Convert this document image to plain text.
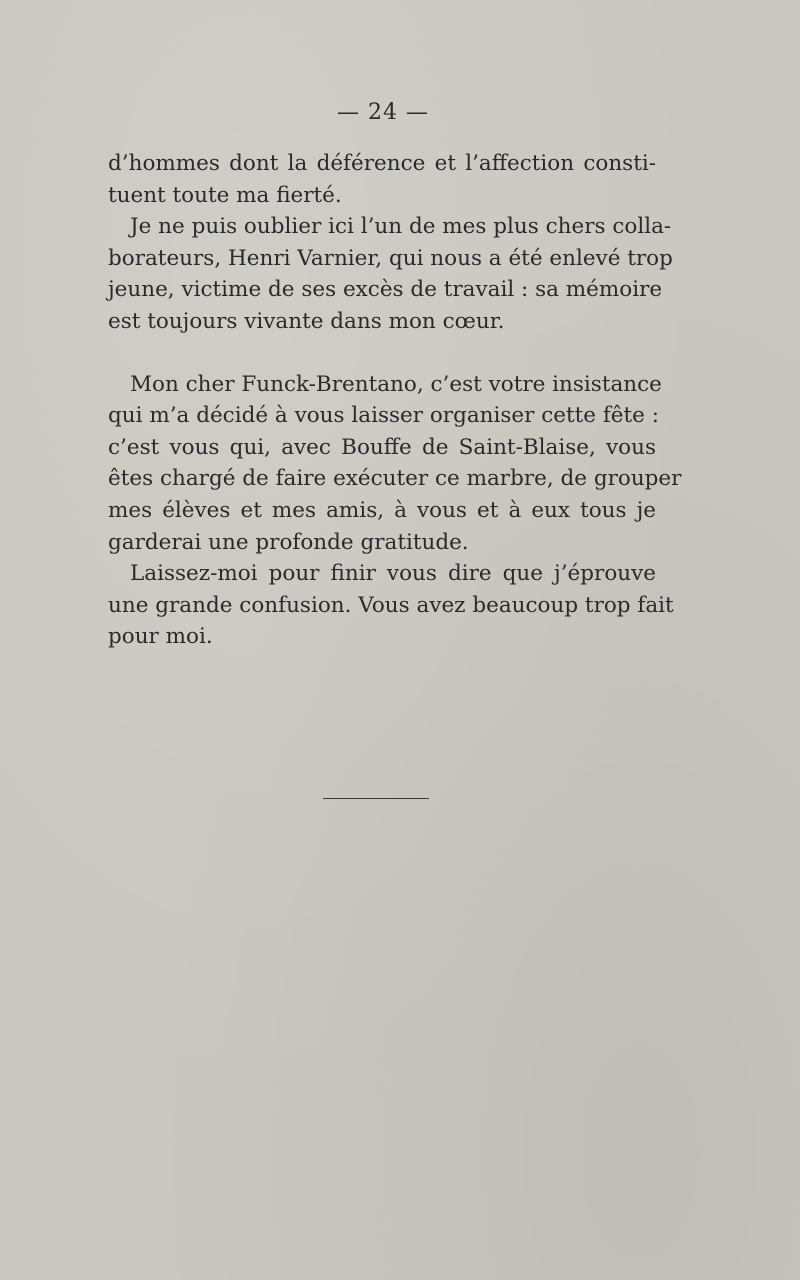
— 24 —

d’hommes dont la déférence et l’affection consti-
tuent toute ma fierté.

Je ne puis oublier ici l’un de mes plus chers colla-
borateurs, Henri Varnier, qui nous a été enlevé trop
jeune, victime de ses excès de travail : sa mémoire
est toujours vivante dans mon cœur.

Mon cher Funck-Brentano, c’est votre insistance
qui m’a décidé à vous laisser organiser cette fête :
c’est vous qui, avec Bouffe de Saint-Blaise, vous
êtes chargé de faire exécuter ce marbre, de grouper
mes élèves et mes amis, à vous et à eux tous je
garderai une profonde gratitude.

Laissez-moi pour finir vous dire que j’éprouve
une grande confusion. Vous avez beaucoup trop fait
pour moi.
